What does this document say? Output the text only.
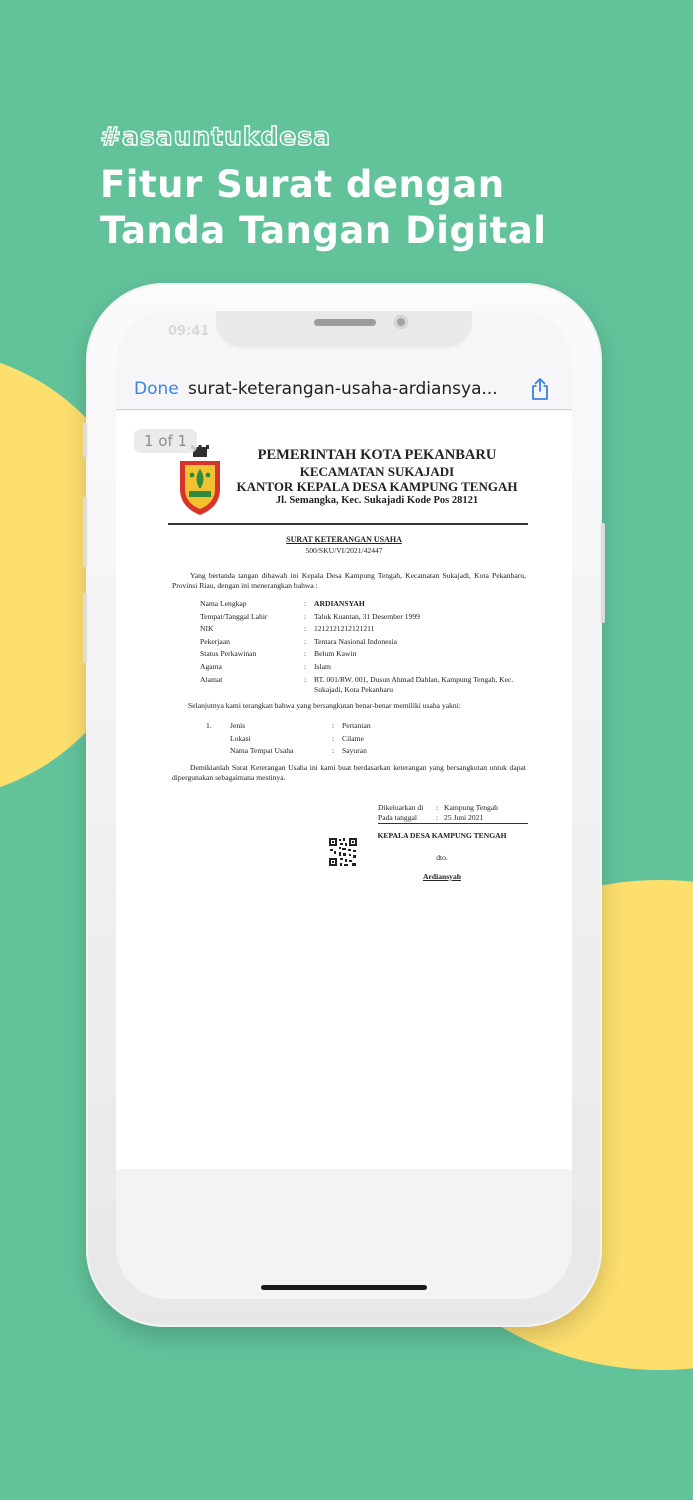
#asauntukdesa
Fitur Surat dengan
Tanda Tangan Digital
09:41
Done surat-keterangan-usaha-ardiansya...
PEMERINTAH KOTA PEKANBARU
KECAMATAN SUKAJADI
KANTOR KEPALA DESA KAMPUNG TENGAH
Jl. Semangka, Kec. Sukajadi Kode Pos 28121
SURAT KETERANGAN USAHA
500/SKU/VI/2021/42447
Yang bertanda tangan dibawah ini Kepala Desa Kampung Tengah, Kecamatan Sukajadi, Kota Pekanbaru, Provinsi Riau, dengan ini menerangkan bahwa :
Nama Lengkap	:	ARDIANSYAH
Tempat/Tanggal Lahir	:	Taluk Kuantan, 31 Desember 1999
NIK	:	1212121212121211
Pekerjaan	:	Tentara Nasional Indonesia
Status Perkawinan	:	Belum Kawin
Agama	:	Islam
Alamat	:	RT. 001/RW. 001, Dusun Ahmad Dahlan, Kampung Tengah, Kec. Sukajadi, Kota Pekanbaru
Selanjutnya kami terangkan bahwa yang bersangkutan benar-benar memiliki usaha yakni:
1.	Jenis	:	Pertanian
Lokasi	:	Cilame
Nama Tempat Usaha	:	Sayuran
Demikianlah Surat Keterangan Usaha ini kami buat berdasarkan keterangan yang bersangkutan untuk dapat dipergunakan sebagaimana mestinya.
Dikeluarkan di	: Kampung Tengah
Pada tanggal	: 25 Juni 2021
KEPALA DESA KAMPUNG TENGAH
dto.
Ardiansyah
1 of 1
